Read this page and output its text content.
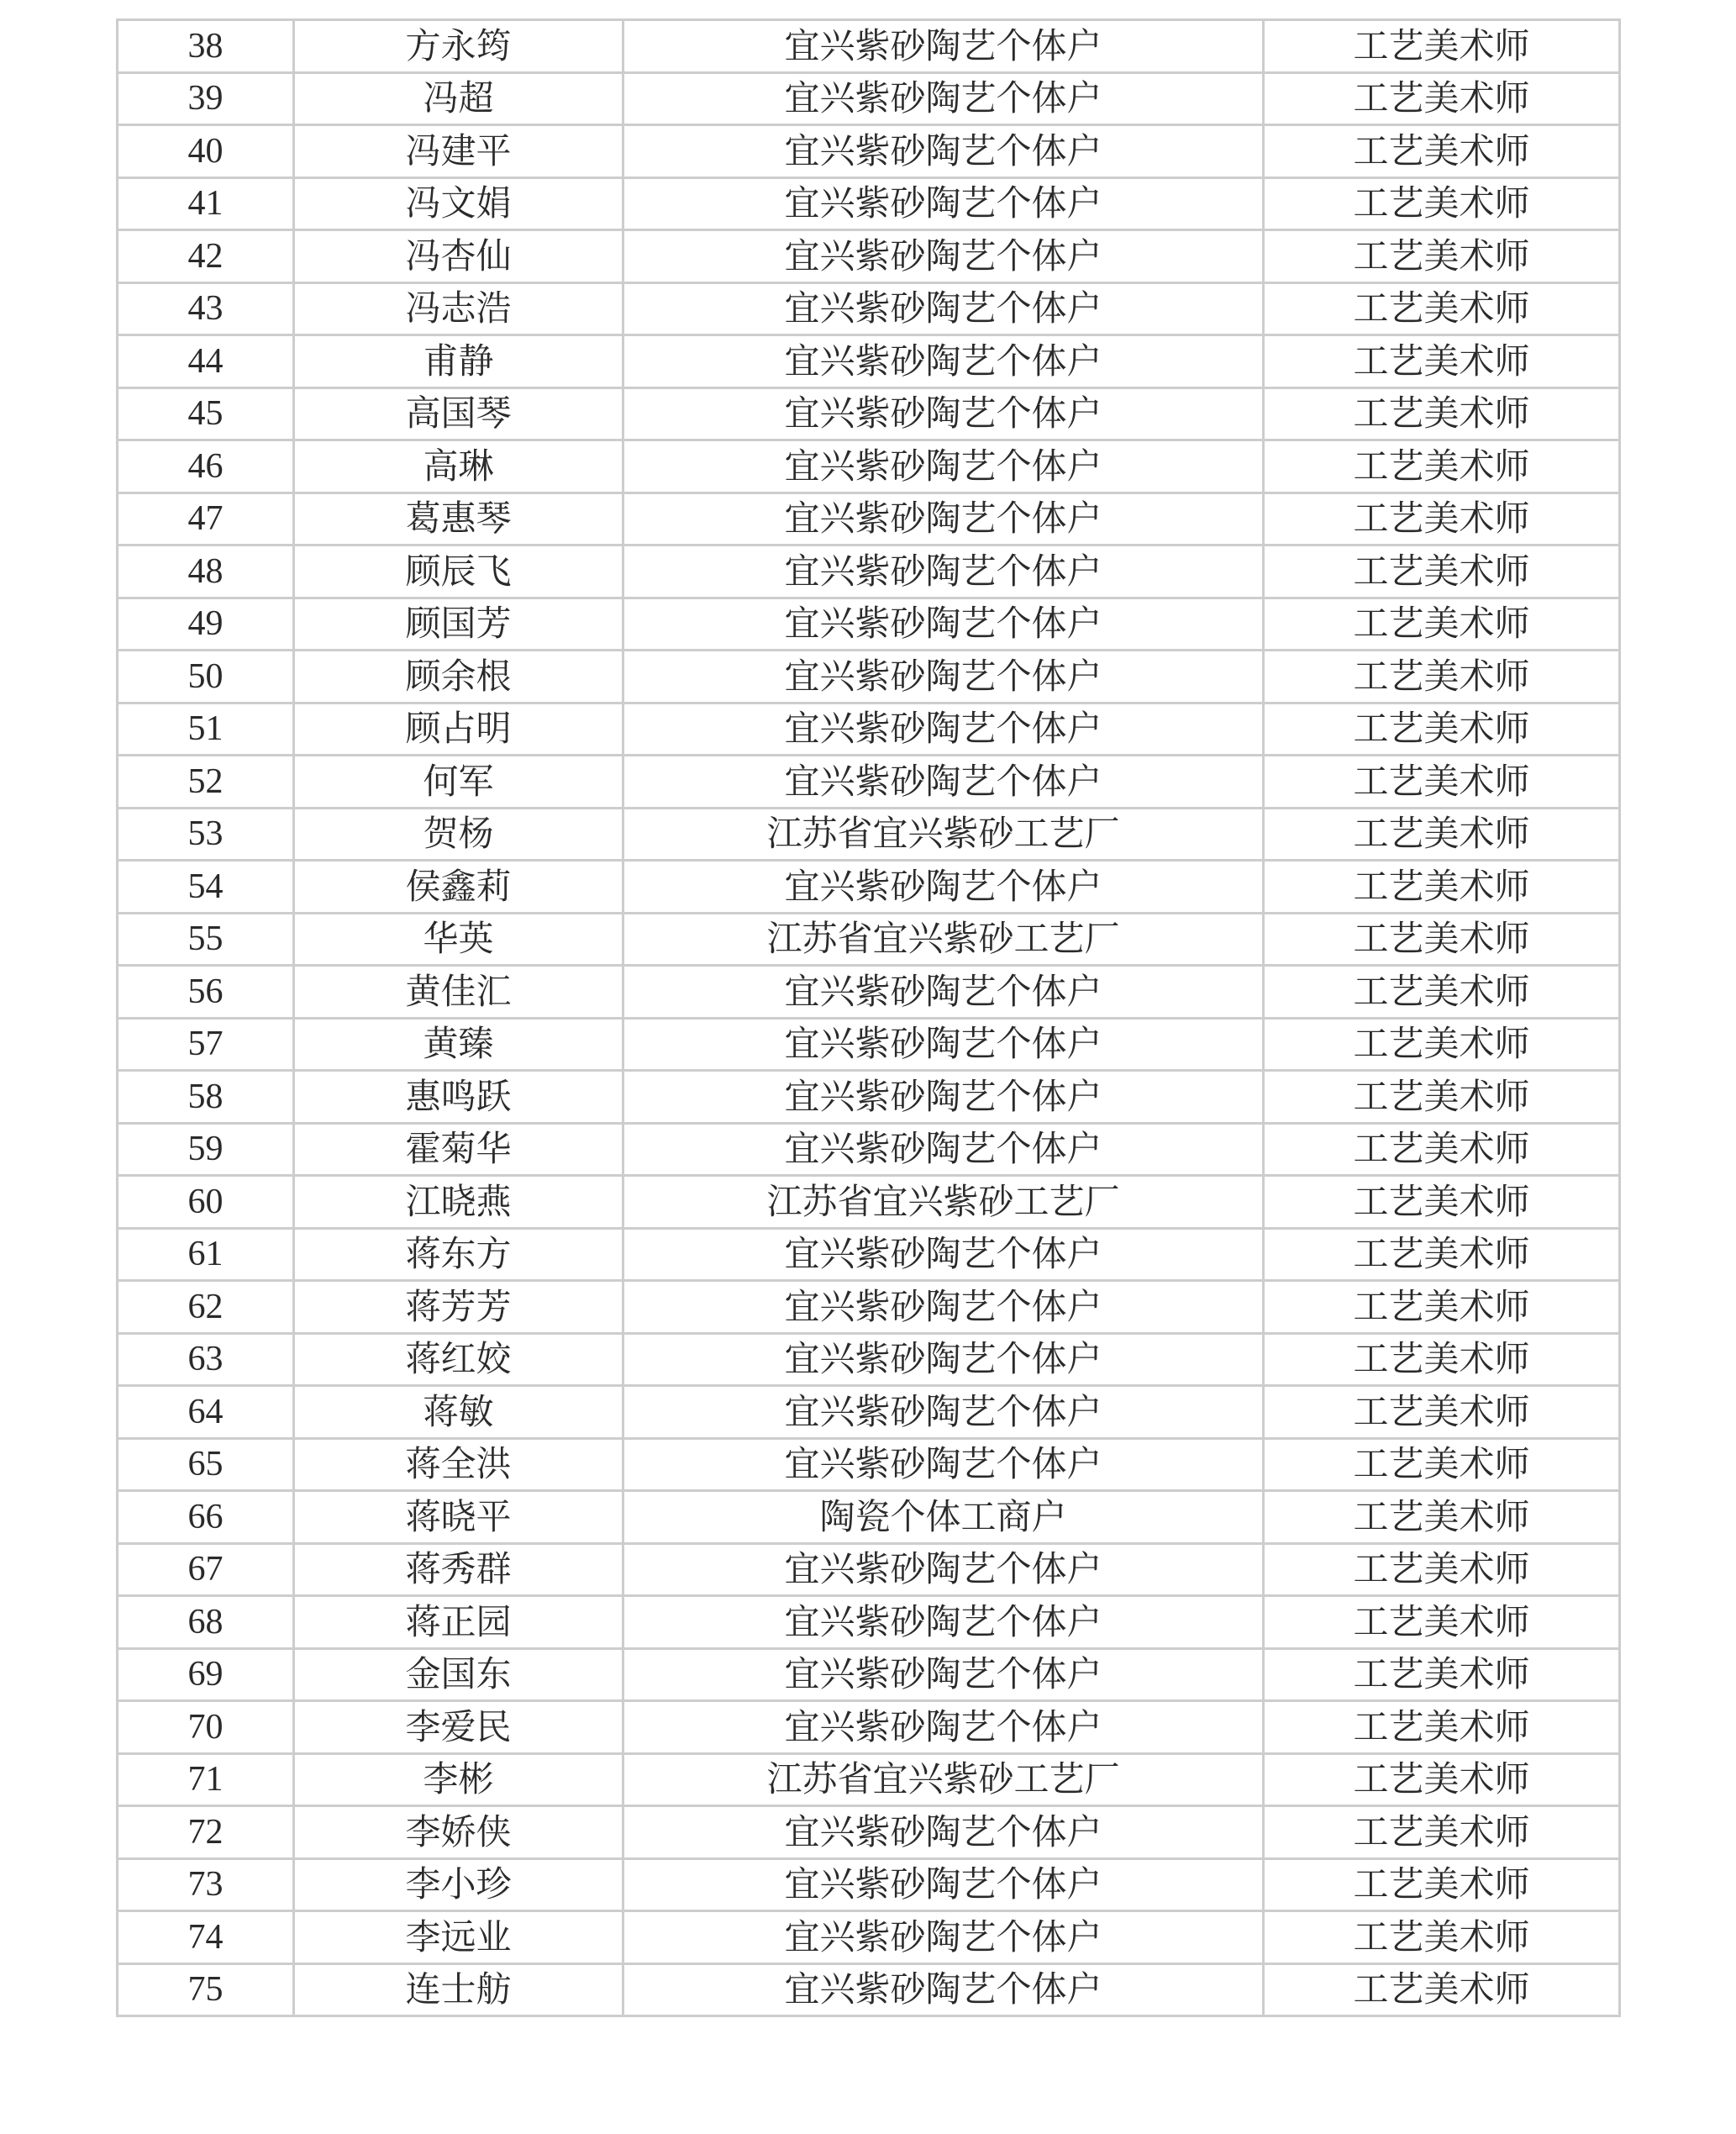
38	方永筠	宜兴紫砂陶艺个体户	工艺美术师
39	冯超	宜兴紫砂陶艺个体户	工艺美术师
40	冯建平	宜兴紫砂陶艺个体户	工艺美术师
41	冯文娟	宜兴紫砂陶艺个体户	工艺美术师
42	冯杏仙	宜兴紫砂陶艺个体户	工艺美术师
43	冯志浩	宜兴紫砂陶艺个体户	工艺美术师
44	甫静	宜兴紫砂陶艺个体户	工艺美术师
45	高国琴	宜兴紫砂陶艺个体户	工艺美术师
46	高琳	宜兴紫砂陶艺个体户	工艺美术师
47	葛惠琴	宜兴紫砂陶艺个体户	工艺美术师
48	顾辰飞	宜兴紫砂陶艺个体户	工艺美术师
49	顾国芳	宜兴紫砂陶艺个体户	工艺美术师
50	顾余根	宜兴紫砂陶艺个体户	工艺美术师
51	顾占明	宜兴紫砂陶艺个体户	工艺美术师
52	何军	宜兴紫砂陶艺个体户	工艺美术师
53	贺杨	江苏省宜兴紫砂工艺厂	工艺美术师
54	侯鑫莉	宜兴紫砂陶艺个体户	工艺美术师
55	华英	江苏省宜兴紫砂工艺厂	工艺美术师
56	黄佳汇	宜兴紫砂陶艺个体户	工艺美术师
57	黄臻	宜兴紫砂陶艺个体户	工艺美术师
58	惠鸣跃	宜兴紫砂陶艺个体户	工艺美术师
59	霍菊华	宜兴紫砂陶艺个体户	工艺美术师
60	江晓燕	江苏省宜兴紫砂工艺厂	工艺美术师
61	蒋东方	宜兴紫砂陶艺个体户	工艺美术师
62	蒋芳芳	宜兴紫砂陶艺个体户	工艺美术师
63	蒋红姣	宜兴紫砂陶艺个体户	工艺美术师
64	蒋敏	宜兴紫砂陶艺个体户	工艺美术师
65	蒋全洪	宜兴紫砂陶艺个体户	工艺美术师
66	蒋晓平	陶瓷个体工商户	工艺美术师
67	蒋秀群	宜兴紫砂陶艺个体户	工艺美术师
68	蒋正园	宜兴紫砂陶艺个体户	工艺美术师
69	金国东	宜兴紫砂陶艺个体户	工艺美术师
70	李爱民	宜兴紫砂陶艺个体户	工艺美术师
71	李彬	江苏省宜兴紫砂工艺厂	工艺美术师
72	李娇侠	宜兴紫砂陶艺个体户	工艺美术师
73	李小珍	宜兴紫砂陶艺个体户	工艺美术师
74	李远业	宜兴紫砂陶艺个体户	工艺美术师
75	连士舫	宜兴紫砂陶艺个体户	工艺美术师
